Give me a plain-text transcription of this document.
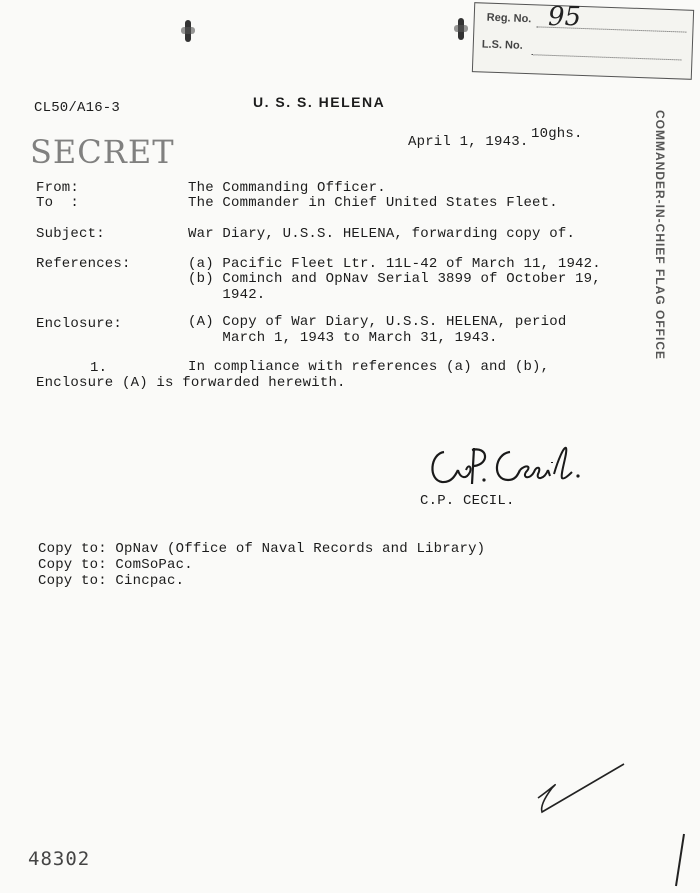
Reg. No.
L.S. No.
95
CL50/A16-3	U. S. S. HELENA
10ghs.
SECRET	April 1, 1943.	COMMANDER-IN-CHIEF FLAG OFFICE
From:	The Commanding Officer.
To  :	The Commander in Chief United States Fleet.
Subject:	War Diary, U.S.S. HELENA, forwarding copy of.
References:	(a) Pacific Fleet Ltr. 11L-42 of March 11, 1942.
(b) Cominch and OpNav Serial 3899 of October 19,
1942.
Enclosure:	(A) Copy of War Diary, U.S.S. HELENA, period
March 1, 1943 to March 31, 1943.
1.	In compliance with references (a) and (b),
Enclosure (A) is forwarded herewith.
C.P. CECIL.
Copy to: OpNav (Office of Naval Records and Library)
Copy to: ComSoPac.
Copy to: Cincpac.
48302
